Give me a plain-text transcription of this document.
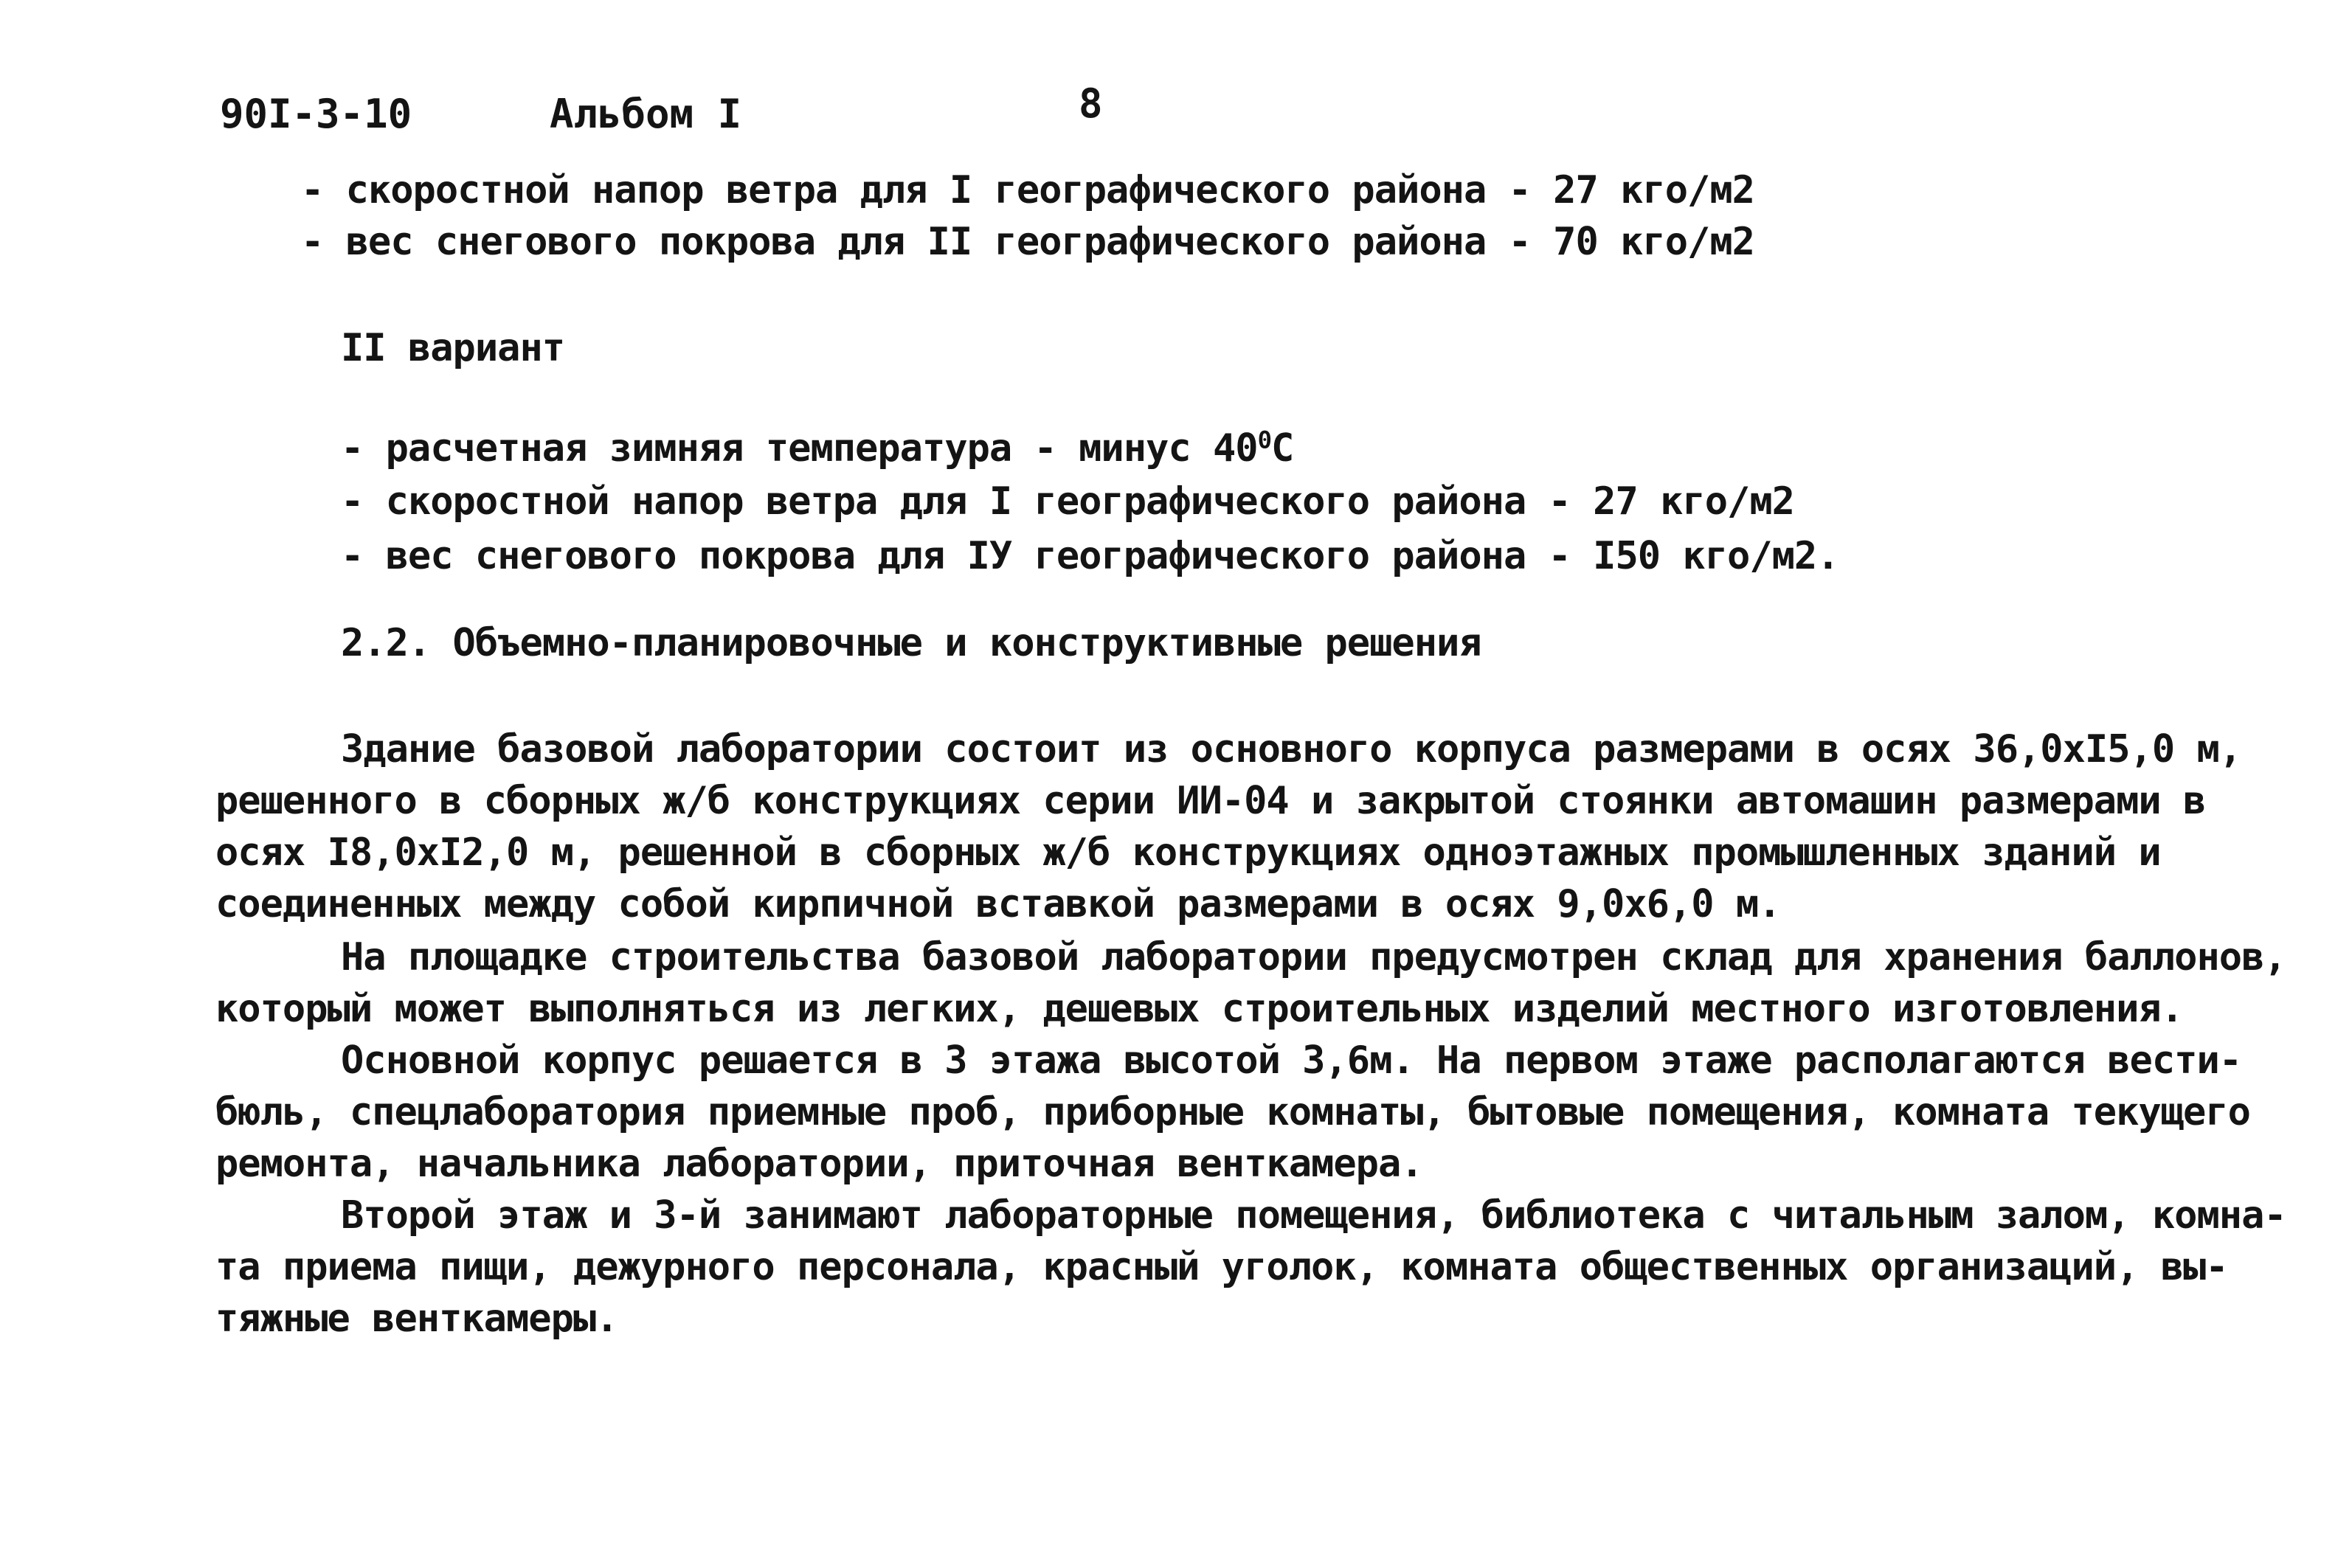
90I-3-10	Альбом I	8
- скоростной напор ветра для I географического района - 27 кго/м2
- вес снегового покрова для II географического района - 70 кго/м2
II вариант
- расчетная зимняя температура - минус $40^0C$
- скоростной напор ветра для I географического района - 27 кго/м2
- вес снегового покрова для IУ географического района - I50 кго/м2.
2.2. Объемно-планировочные и конструктивные решения
Здание базовой лаборатории состоит из основного корпуса размерами в осях 36,0хI5,0 м,
решенного в сборных ж/б конструкциях серии ИИ-04 и закрытой стоянки автомашин размерами в
осях I8,0хI2,0 м, решенной в сборных ж/б конструкциях одноэтажных промышленных зданий и
соединенных между собой кирпичной вставкой размерами в осях 9,0х6,0 м.
На площадке строительства базовой лаборатории предусмотрен склад для хранения баллонов,
который может выполняться из легких, дешевых строительных изделий местного изготовления.
Основной корпус решается в 3 этажа высотой 3,6м. На первом этаже располагаются вести-
бюль, спецлаборатория приемные проб, приборные комнаты, бытовые помещения, комната текущего
ремонта, начальника лаборатории, приточная венткамера.
Второй этаж и 3-й занимают лабораторные помещения, библиотека с читальным залом, комна-
та приема пищи, дежурного персонала, красный уголок, комната общественных организаций, вы-
тяжные венткамеры.
